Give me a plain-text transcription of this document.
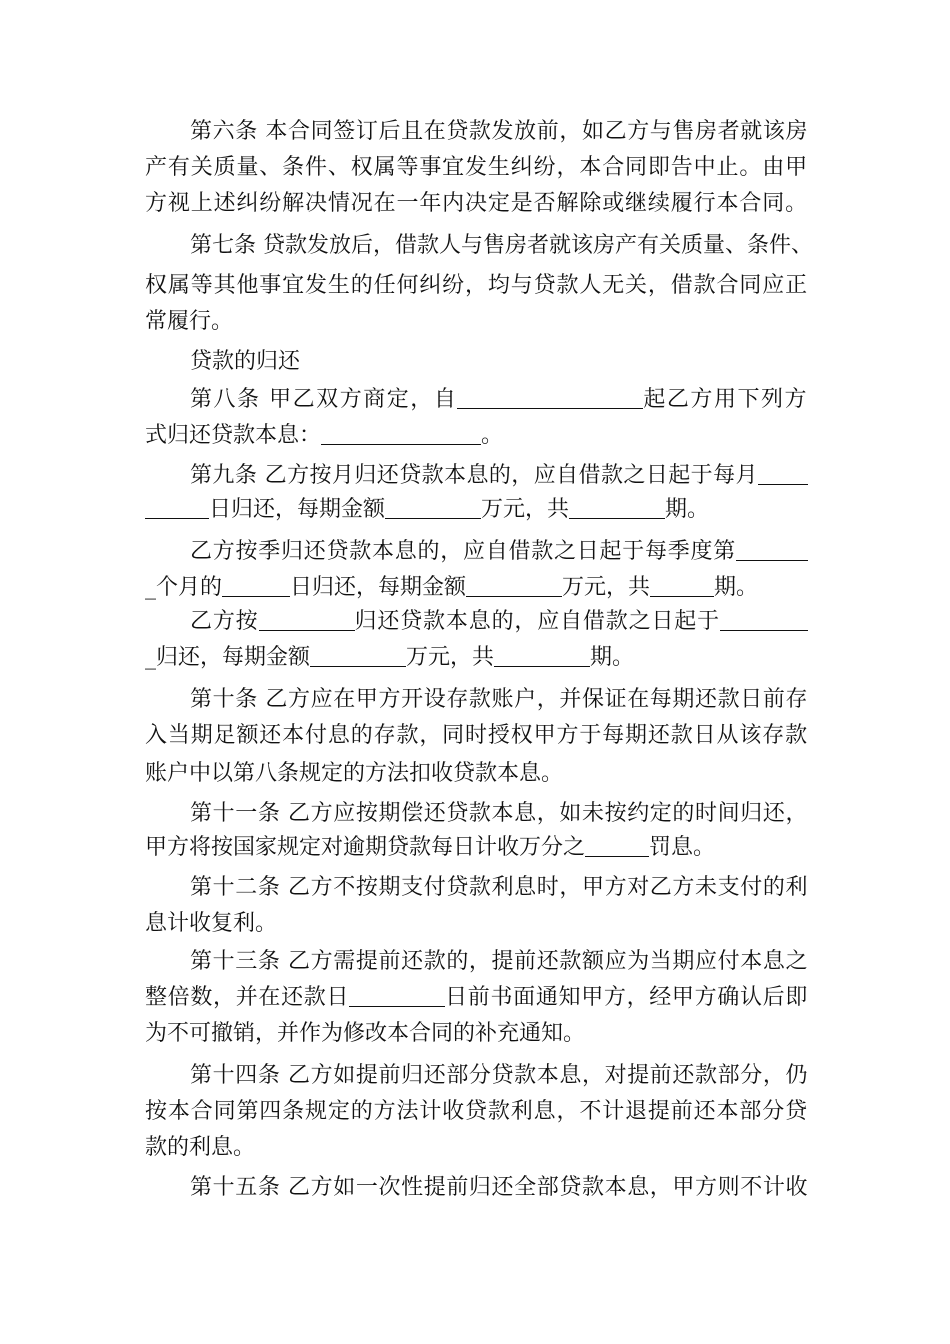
第六条 本合同签订后且在贷款发放前，如乙方与售房者就该房
产有关质量、条件、权属等事宜发生纠纷，本合同即告中止。由甲
方视上述纠纷解决情况在一年内决定是否解除或继续履行本合同。
第七条 贷款发放后，借款人与售房者就该房产有关质量、条件、
权属等其他事宜发生的任何纠纷，均与贷款人无关，借款合同应正
常履行。
贷款的归还
第八条 甲乙双方商定，自	起乙方用下列方
式归还贷款本息：	。
第九条 乙方按月归还贷款本息的，应自借款之日起于每月
日归还，每期金额	万元，共	期。
乙方按季归还贷款本息的，应自借款之日起于每季度第
_个月的	日归还，每期金额	万元，共	期。
乙方按	归还贷款本息的，应自借款之日起于
_归还，每期金额	万元，共	期。
第十条 乙方应在甲方开设存款账户，并保证在每期还款日前存
入当期足额还本付息的存款，同时授权甲方于每期还款日从该存款
账户中以第八条规定的方法扣收贷款本息。
第十一条 乙方应按期偿还贷款本息，如未按约定的时间归还，
甲方将按国家规定对逾期贷款每日计收万分之	罚息。
第十二条 乙方不按期支付贷款利息时，甲方对乙方未支付的利
息计收复利。
第十三条 乙方需提前还款的，提前还款额应为当期应付本息之
整倍数，并在还款日	日前书面通知甲方，经甲方确认后即
为不可撤销，并作为修改本合同的补充通知。
第十四条 乙方如提前归还部分贷款本息，对提前还款部分，仍
按本合同第四条规定的方法计收贷款利息，不计退提前还本部分贷
款的利息。
第十五条 乙方如一次性提前归还全部贷款本息，甲方则不计收
